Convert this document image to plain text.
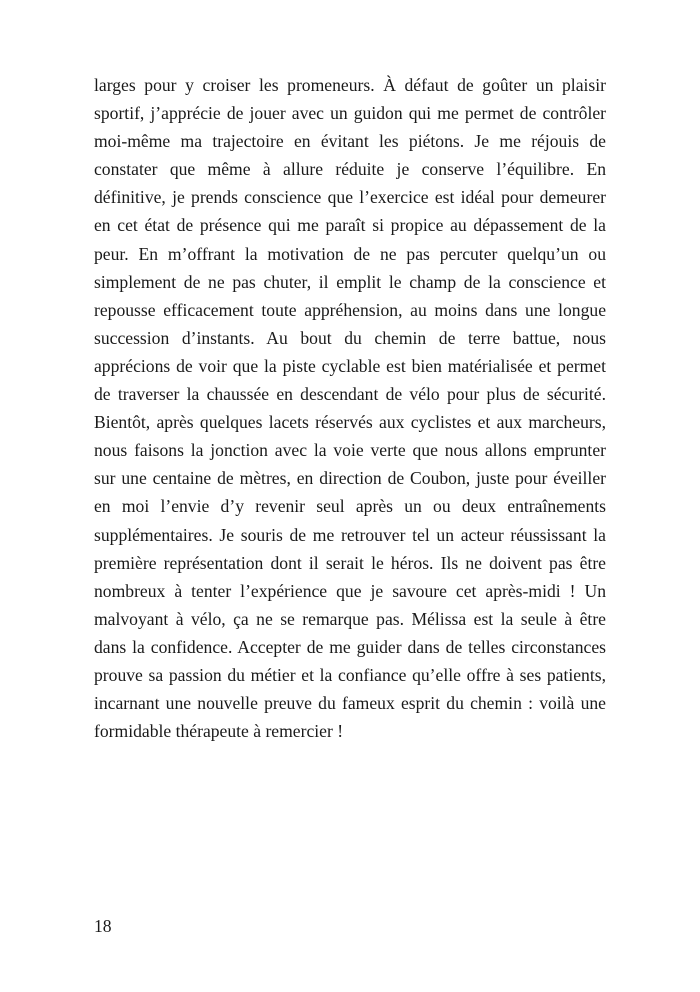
larges pour y croiser les promeneurs. À défaut de goûter un plaisir
sportif, j’apprécie de jouer avec un guidon qui me permet de contrôler
moi-même ma trajectoire en évitant les piétons. Je me réjouis de
constater que même à allure réduite je conserve l’équilibre. En
définitive, je prends conscience que l’exercice est idéal pour demeurer
en cet état de présence qui me paraît si propice au dépassement de la
peur. En m’offrant la motivation de ne pas percuter quelqu’un ou
simplement de ne pas chuter, il emplit le champ de la conscience et
repousse efficacement toute appréhension, au moins dans une longue
succession d’instants. Au bout du chemin de terre battue, nous
apprécions de voir que la piste cyclable est bien matérialisée et permet
de traverser la chaussée en descendant de vélo pour plus de sécurité.
Bientôt, après quelques lacets réservés aux cyclistes et aux marcheurs,
nous faisons la jonction avec la voie verte que nous allons emprunter
sur une centaine de mètres, en direction de Coubon, juste pour éveiller
en moi l’envie d’y revenir seul après un ou deux entraînements
supplémentaires. Je souris de me retrouver tel un acteur réussissant la
première représentation dont il serait le héros. Ils ne doivent pas être
nombreux à tenter l’expérience que je savoure cet après-midi ! Un
malvoyant à vélo, ça ne se remarque pas. Mélissa est la seule à être
dans la confidence. Accepter de me guider dans de telles circonstances
prouve sa passion du métier et la confiance qu’elle offre à ses patients,
incarnant une nouvelle preuve du fameux esprit du chemin : voilà une
formidable thérapeute à remercier !
18
